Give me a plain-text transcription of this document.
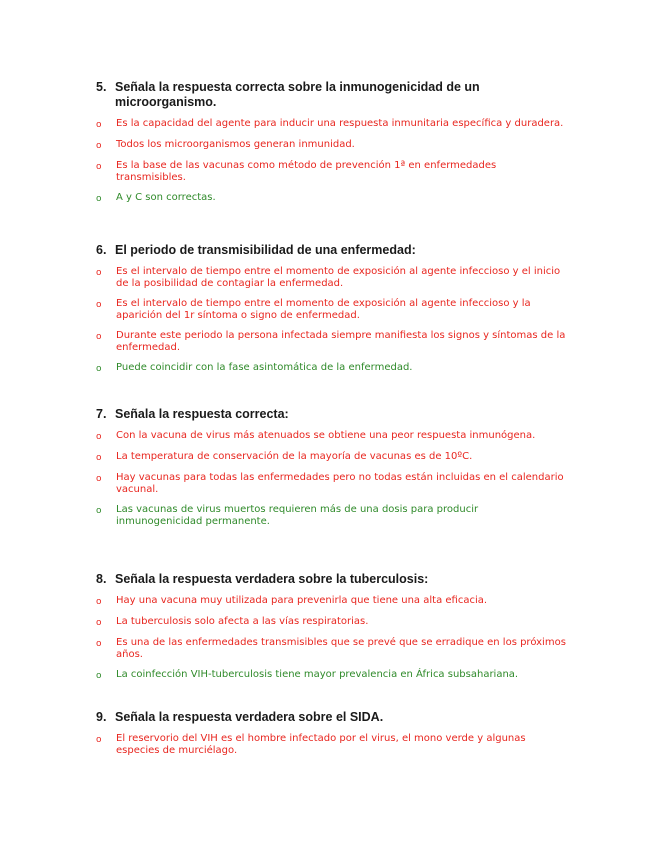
5. Señala la respuesta correcta sobre la inmunogenicidad de un microorganismo.
o	Es la capacidad del agente para inducir una respuesta inmunitaria específica y duradera.
o	Todos los microorganismos generan inmunidad.
o	Es la base de las vacunas como método de prevención 1ª en enfermedades transmisibles.
o	A y C son correctas.
6. El periodo de transmisibilidad de una enfermedad:
o	Es el intervalo de tiempo entre el momento de exposición al agente infeccioso y el inicio de la posibilidad de contagiar la enfermedad.
o	Es el intervalo de tiempo entre el momento de exposición al agente infeccioso y la aparición del 1r síntoma o signo de enfermedad.
o	Durante este periodo la persona infectada siempre manifiesta los signos y síntomas de la enfermedad.
o	Puede coincidir con la fase asintomática de la enfermedad.
7. Señala la respuesta correcta:
o	Con la vacuna de virus más atenuados se obtiene una peor respuesta inmunógena.
o	La temperatura de conservación de la mayoría de vacunas es de 10ºC.
o	Hay vacunas para todas las enfermedades pero no todas están incluidas en el calendario vacunal.
o	Las vacunas de virus muertos requieren más de una dosis para producir inmunogenicidad permanente.
8. Señala la respuesta verdadera sobre la tuberculosis:
o	Hay una vacuna muy utilizada para prevenirla que tiene una alta eficacia.
o	La tuberculosis solo afecta a las vías respiratorias.
o	Es una de las enfermedades transmisibles que se prevé que se erradique en los próximos años.
o	La coinfección VIH-tuberculosis tiene mayor prevalencia en África subsahariana.
9. Señala la respuesta verdadera sobre el SIDA.
o	El reservorio del VIH es el hombre infectado por el virus, el mono verde y algunas especies de murciélago.
